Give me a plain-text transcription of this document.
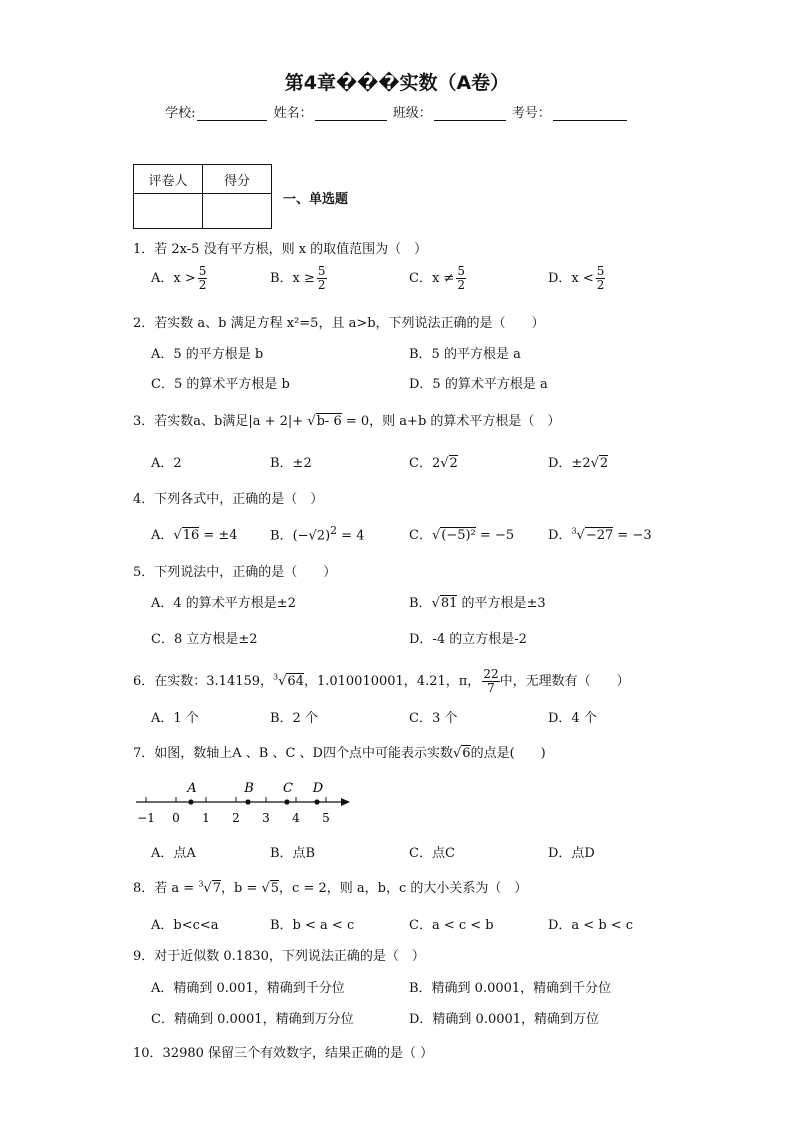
第4章���实数（A卷）
学校:	姓名：	班级：	考号：
评卷人	得分

一、单选题
1．若 2x-5 没有平方根，则 x 的取值范围为（　）
A．$x > \frac{5}{2}$	B．$x \ge \frac{5}{2}$	C．$x \ne \frac{5}{2}$	D．$x < \frac{5}{2}$
2．若实数 a、b 满足方程 x²=5，且 a>b，下列说法正确的是（　　）
A．5 的平方根是 b	B．5 的平方根是 a
C．5 的算术平方根是 b	D．5 的算术平方根是 a
3．若实数a、b满足|a + 2|+ √b- 6 = 0，则 a+b 的算术平方根是（　）
A．2	B．±2	C．2√2	D．±2√2
4．下列各式中，正确的是（　）
A．√16 = ±4 B．$(-√2)^2 = 4$	C．√(−5)² = −5	D．$^3$√−27 = −3
5．下列说法中，正确的是（　　）
A．4 的算术平方根是±2	B．√81 的平方根是±3
C．8 立方根是±2	D．-4 的立方根是-2
6．在实数：3.14159，$^3$√64，1.010010001，4.21，π， $\frac{22}{7}$ 中，无理数有（　　）
A．1 个	B．2 个	C．3 个	D．4 个
7．如图，数轴上A 、B 、C 、D四个点中可能表示实数√6的点是(　　)
−1 0 1 2 3 4 5
A	B C D
A．点A	B．点B	C．点C	D．点D
8．若 a = $^3$√7，b = √5，c = 2，则 a，b，c 的大小关系为（　）
A．b<c<a	B．b < a < c	C．a < c < b	D．a < b < c
9．对于近似数 0.1830，下列说法正确的是（　）
A．精确到 0.001，精确到千分位	B．精确到 0.0001，精确到千分位
C．精确到 0.0001，精确到万分位	D．精确到 0.0001，精确到万位
10．32980 保留三个有效数字，结果正确的是（ ）
